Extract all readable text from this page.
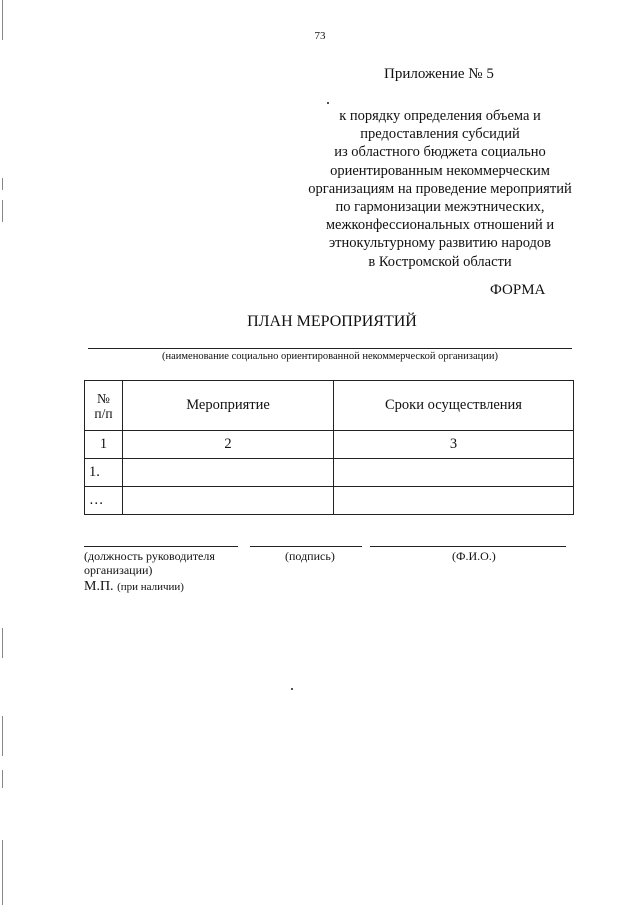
73
Приложение № 5
к порядку определения объема и
предоставления субсидий
из областного бюджета социально
ориентированным некоммерческим
организациям на проведение мероприятий
по гармонизации межэтнических,
межконфессиональных отношений и
этнокультурному развитию народов
в Костромской области
ФОРМА
ПЛАН МЕРОПРИЯТИЙ
(наименование социально ориентированной некоммерческой организации)
№
п/п	Мероприятие	Сроки осуществления
1	2	3
1.		
…		
(должность руководителя
организации)
(подпись)	(Ф.И.О.)
М.П. (при наличии)
